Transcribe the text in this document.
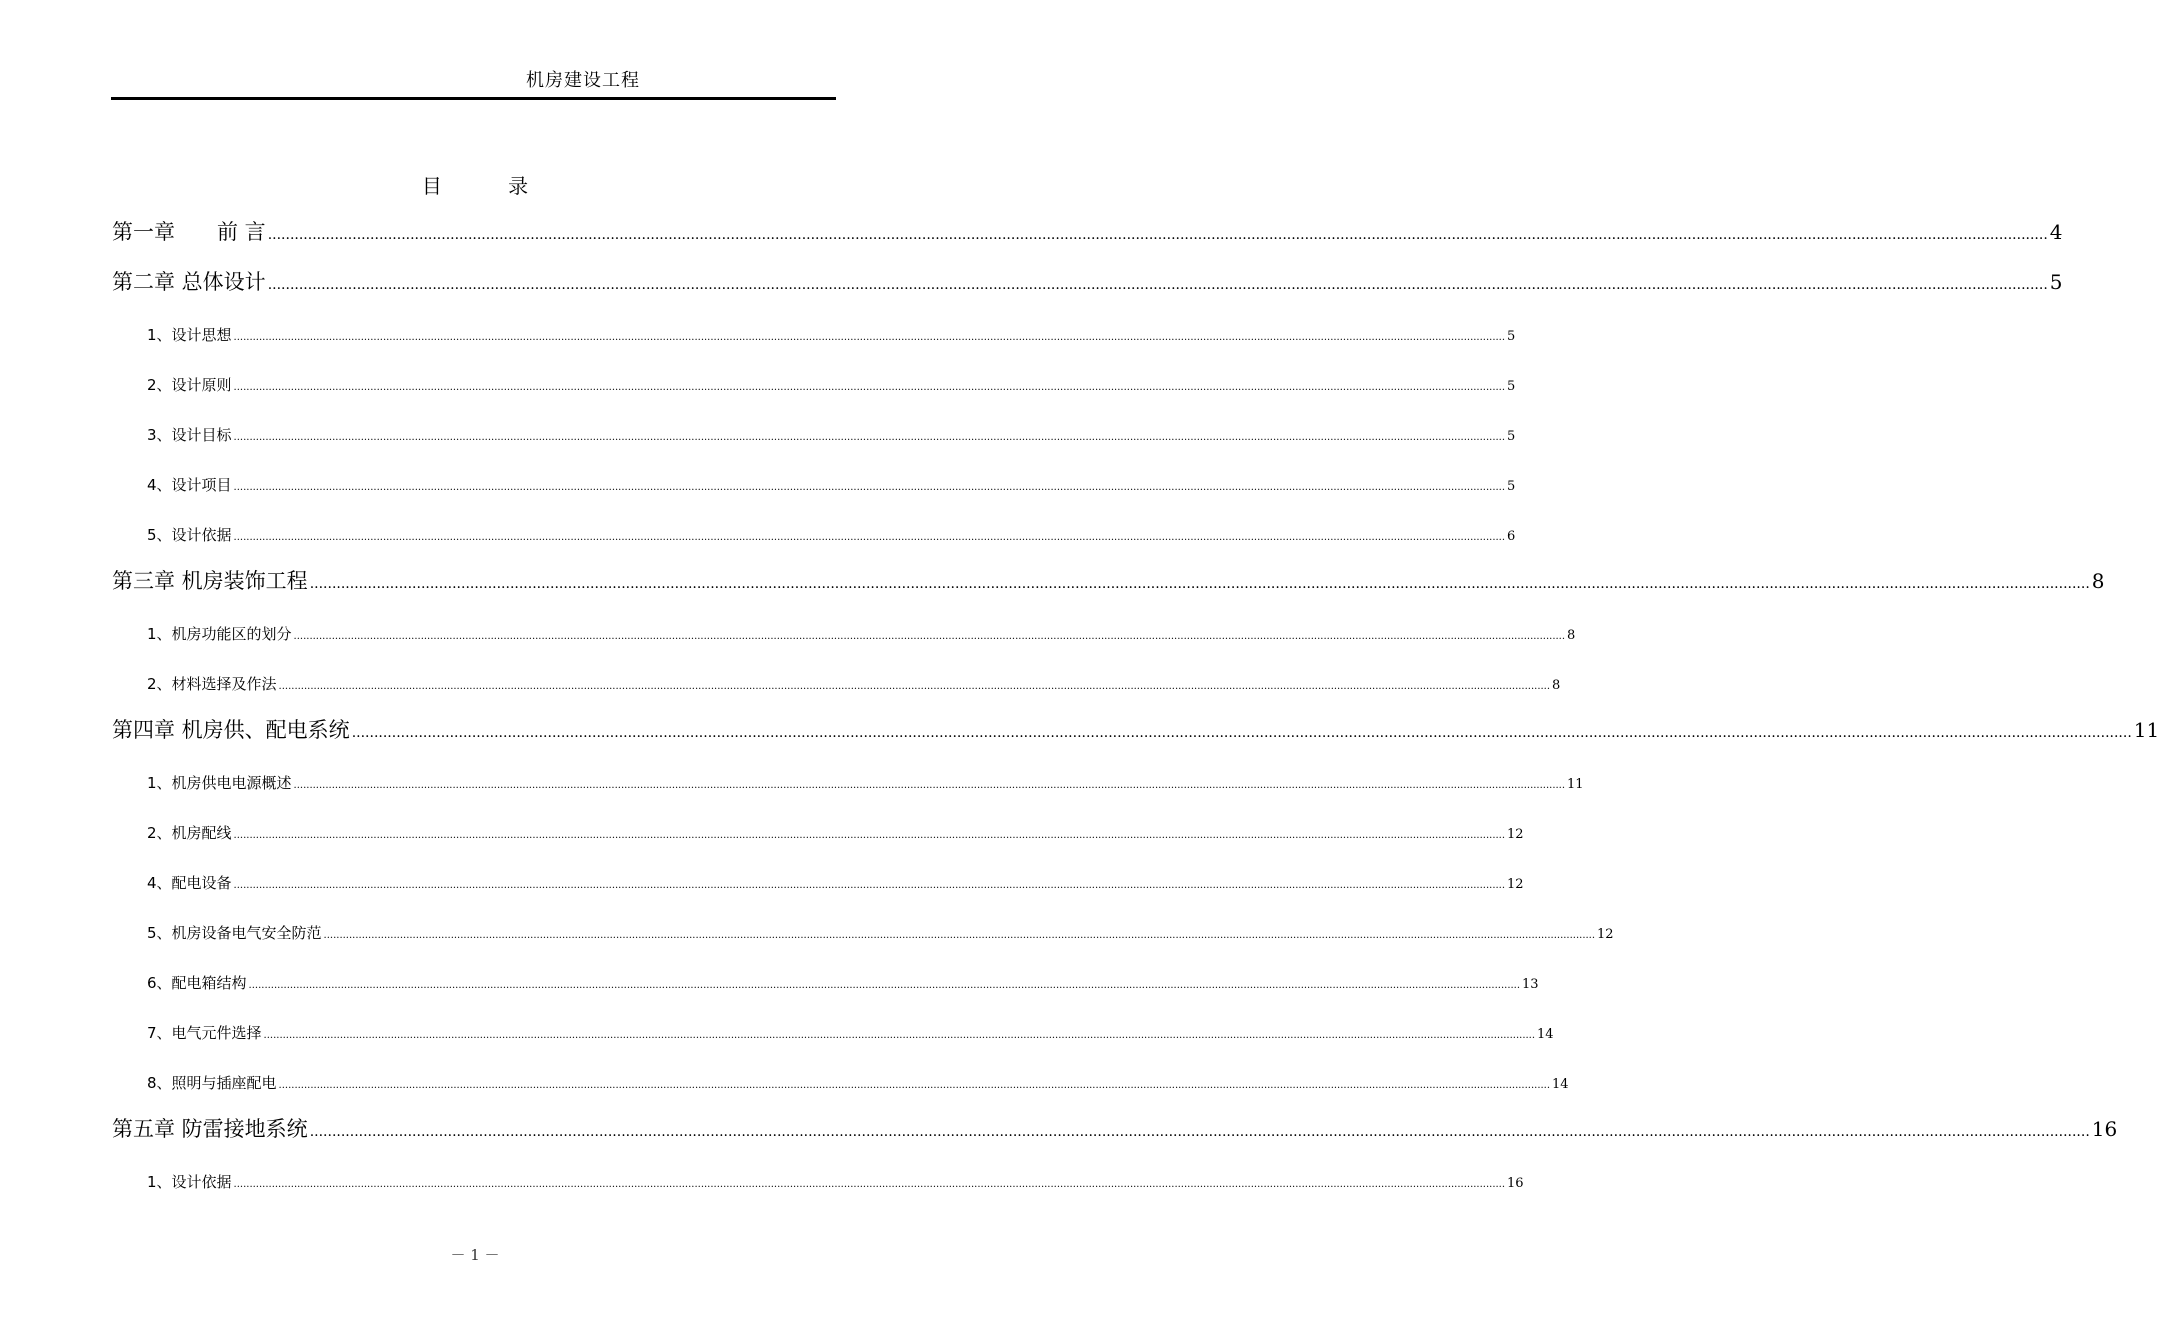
机房建设工程
目 录
第一章　　前 言 ................................................................................................................................................................................................................................................................................................................................................................................................................ 4
第二章 总体设计 ................................................................................................................................................................................................................................................................................................................................................................................................................ 5
1、设计思想 ................................................................................................................................................................................................................................................................................................................................................................................................................ 5
2、设计原则 ................................................................................................................................................................................................................................................................................................................................................................................................................ 5
3、设计目标 ................................................................................................................................................................................................................................................................................................................................................................................................................ 5
4、设计项目 ................................................................................................................................................................................................................................................................................................................................................................................................................ 5
5、设计依据 ................................................................................................................................................................................................................................................................................................................................................................................................................ 6
第三章 机房装饰工程 ................................................................................................................................................................................................................................................................................................................................................................................................................ 8
1、机房功能区的划分 ................................................................................................................................................................................................................................................................................................................................................................................................................ 8
2、材料选择及作法 ................................................................................................................................................................................................................................................................................................................................................................................................................ 8
第四章 机房供、配电系统 ................................................................................................................................................................................................................................................................................................................................................................................................................ 11
1、机房供电电源概述 ................................................................................................................................................................................................................................................................................................................................................................................................................ 11
2、机房配线 ................................................................................................................................................................................................................................................................................................................................................................................................................ 12
4、配电设备 ................................................................................................................................................................................................................................................................................................................................................................................................................ 12
5、机房设备电气安全防范 ................................................................................................................................................................................................................................................................................................................................................................................................................ 12
6、配电箱结构 ................................................................................................................................................................................................................................................................................................................................................................................................................ 13
7、电气元件选择 ................................................................................................................................................................................................................................................................................................................................................................................................................ 14
8、照明与插座配电 ................................................................................................................................................................................................................................................................................................................................................................................................................ 14
第五章 防雷接地系统 ................................................................................................................................................................................................................................................................................................................................................................................................................ 16
1、设计依据 ................................................................................................................................................................................................................................................................................................................................................................................................................ 16
－ 1 －
